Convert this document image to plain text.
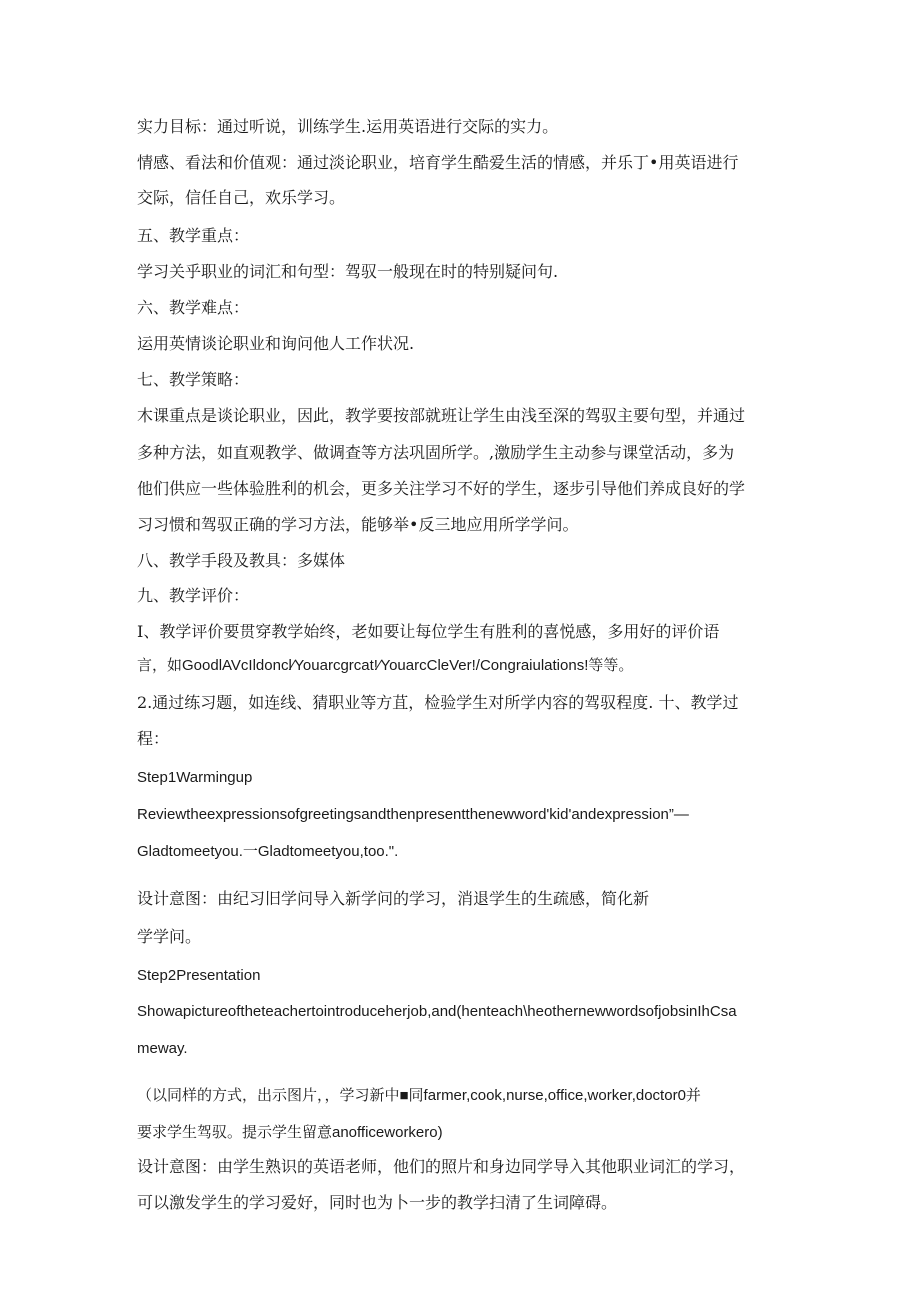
实力目标：通过听说，训练学生.运用英语进行交际的实力。

情感、看法和价值观：通过淡论职业，培育学生酷爱生活的情感，并乐丁•用英语进行

交际，信任自己，欢乐学习。

五、教学重点：

学习关乎职业的词汇和句型：驾驭一般现在时的特别疑问句.

六、教学难点：

运用英情谈论职业和询问他人工作状况.

七、教学策略：

木课重点是谈论职业，因此，教学要按部就班让学生由浅至深的驾驭主要句型，并通过

多种方法，如直观教学、做调查等方法巩固所学。,激励学生主动参与课堂活动，多为

他们供应一些体验胜利的机会，更多关注学习不好的学生，逐步引导他们养成良好的学

习习惯和驾驭正确的学习方法，能够举•反三地应用所学学问。

八、教学手段及教具：多媒体

九、教学评价：

I、教学评价要贯穿教学始终，老如要让每位学生有胜利的喜悦感，多用好的评价语

言，如GoodlAVcIldoncl∕Youarcgrcat!∕YouarcCleVer!/Congraiulations!等等。

2.通过练习题，如连线、猜职业等方苴，检验学生对所学内容的驾驭程度. 十、教学过

程：

Step1Warmingup

Reviewtheexpressionsofgreetingsandthenpresentthenewword'kid'andexpression”—

Gladtomeetyou.一Gladtomeetyou,too.".

设计意图：由纪习旧学问导入新学问的学习，消退学生的生疏感，简化新

学学问。

Step2Presentation

Showapictureoftheteachertointroduceherjob,and(henteach\heothernewwordsofjobsinIhCsa

meway.

（以同样的方式，出示图片，，学习新中■同farmer,cook,nurse,office,worker,doctor0并

要求学生驾驭。提示学生留意anofficeworkero)

设计意图：由学生熟识的英语老师，他们的照片和身边同学导入其他职业词汇的学习，

可以激发学生的学习爱好，同时也为卜一步的教学扫清了生词障碍。
